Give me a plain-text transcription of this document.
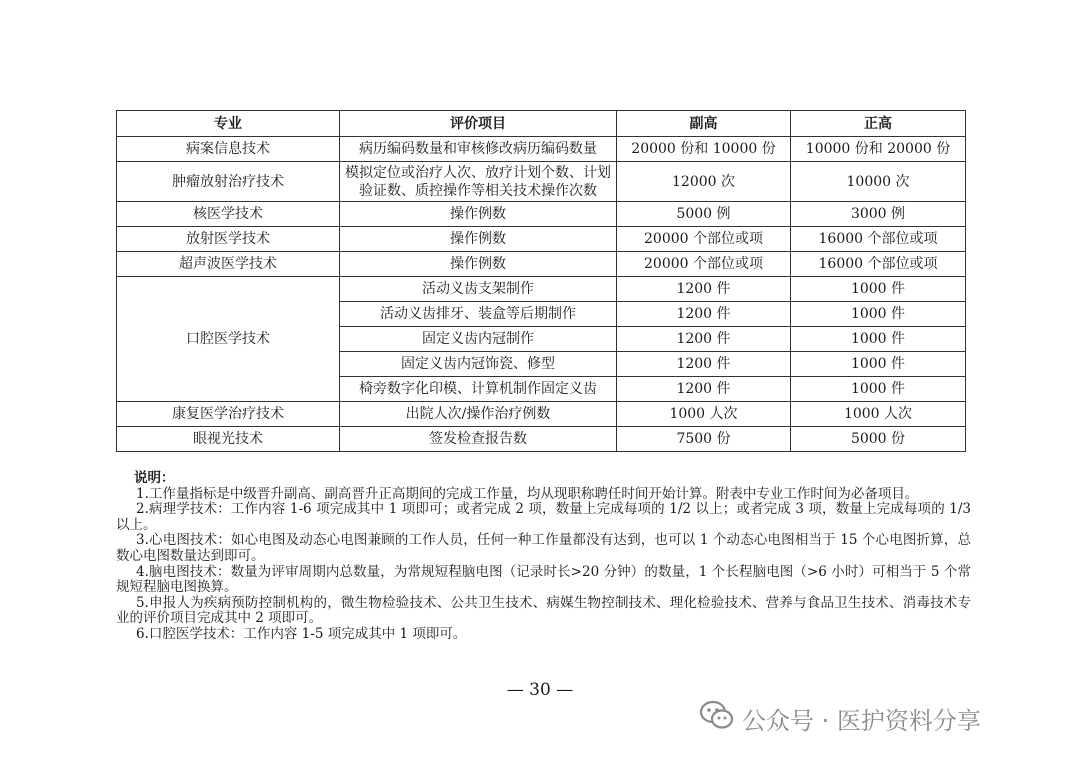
专业	评价项目	副高	正高
病案信息技术	病历编码数量和审核修改病历编码数量	20000 份和 10000 份	10000 份和 20000 份
肿瘤放射治疗技术	模拟定位或治疗人次、放疗计划个数、计划验证数、质控操作等相关技术操作次数	12000 次	10000 次
核医学技术	操作例数	5000 例	3000 例
放射医学技术	操作例数	20000 个部位或项	16000 个部位或项
超声波医学技术	操作例数	20000 个部位或项	16000 个部位或项
口腔医学技术	活动义齿支架制作	1200 件	1000 件
	活动义齿排牙、装盒等后期制作	1200 件	1000 件
	固定义齿内冠制作	1200 件	1000 件
	固定义齿内冠饰瓷、修型	1200 件	1000 件
	椅旁数字化印模、计算机制作固定义齿	1200 件	1000 件
康复医学治疗技术	出院人次/操作治疗例数	1000 人次	1000 人次
眼视光技术	签发检查报告数	7500 份	5000 份
说明：

1.工作量指标是中级晋升副高、副高晋升正高期间的完成工作量，均从现职称聘任时间开始计算。附表中专业工作时间为必备项目。

2.病理学技术：工作内容 1-6 项完成其中 1 项即可；或者完成 2 项，数量上完成每项的 1/2 以上；或者完成 3 项，数量上完成每项的 1/3 以上。

3.心电图技术：如心电图及动态心电图兼顾的工作人员，任何一种工作量都没有达到，也可以 1 个动态心电图相当于 15 个心电图折算，总数心电图数量达到即可。

4.脑电图技术：数量为评审周期内总数量，为常规短程脑电图（记录时长>20 分钟）的数量，1 个长程脑电图（>6 小时）可相当于 5 个常规短程脑电图换算。

5.申报人为疾病预防控制机构的，微生物检验技术、公共卫生技术、病媒生物控制技术、理化检验技术、营养与食品卫生技术、消毒技术专业的评价项目完成其中 2 项即可。

6.口腔医学技术：工作内容 1-5 项完成其中 1 项即可。

— 30 —
公众号 · 医护资料分享
